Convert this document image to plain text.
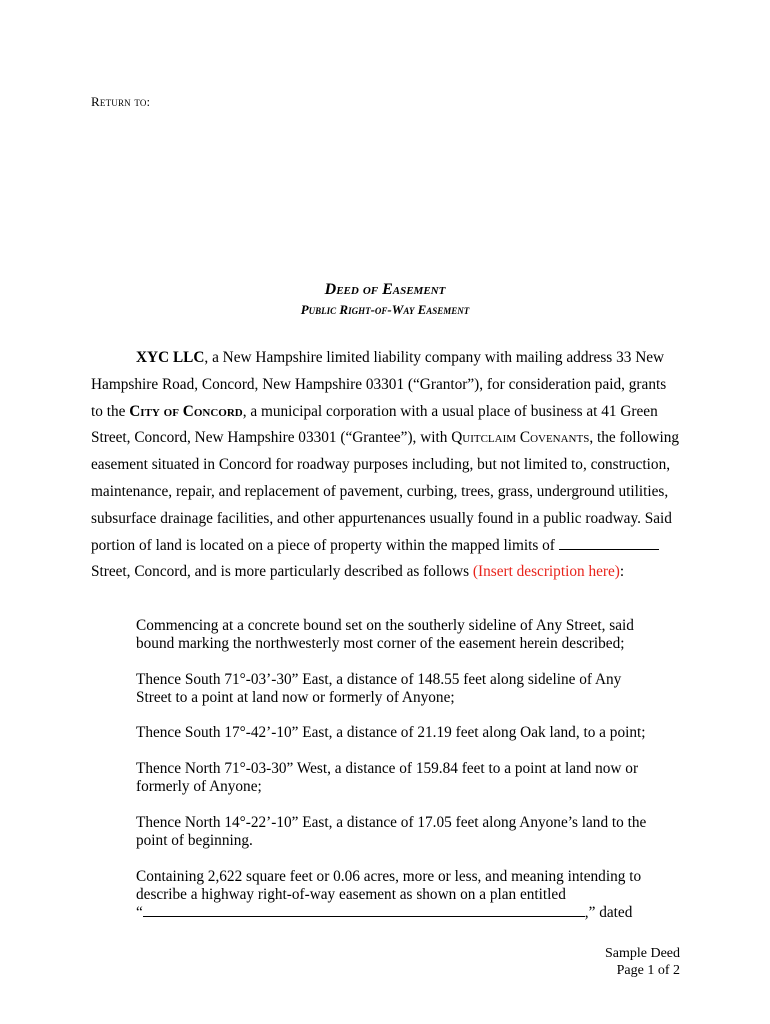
Return to:
Deed of Easement
Public Right-of-Way Easement
XYC LLC, a New Hampshire limited liability company with mailing address 33 New Hampshire Road, Concord, New Hampshire 03301 (“Grantor”), for consideration paid, grants to the City of Concord, a municipal corporation with a usual place of business at 41 Green Street, Concord, New Hampshire 03301 (“Grantee”), with Quitclaim Covenants, the following easement situated in Concord for roadway purposes including, but not limited to, construction, maintenance, repair, and replacement of pavement, curbing, trees, grass, underground utilities, subsurface drainage facilities, and other appurtenances usually found in a public roadway. Said portion of land is located on a piece of property within the mapped limits of  Street, Concord, and is more particularly described as follows (Insert description here):
Commencing at a concrete bound set on the southerly sideline of Any Street, said bound marking the northwesterly most corner of the easement herein described;
Thence South 71°-03’-30” East, a distance of 148.55 feet along sideline of Any Street to a point at land now or formerly of Anyone;
Thence South 17°-42’-10” East, a distance of 21.19 feet along Oak land, to a point;
Thence North 71°-03-30” West, a distance of 159.84 feet to a point at land now or formerly of Anyone;
Thence North 14°-22’-10” East, a distance of 17.05 feet along Anyone’s land to the point of beginning.
Containing 2,622 square feet or 0.06 acres, more or less, and meaning intending to describe a highway right-of-way easement as shown on a plan entitled
“	,” dated
Sample Deed
Page 1 of 2
